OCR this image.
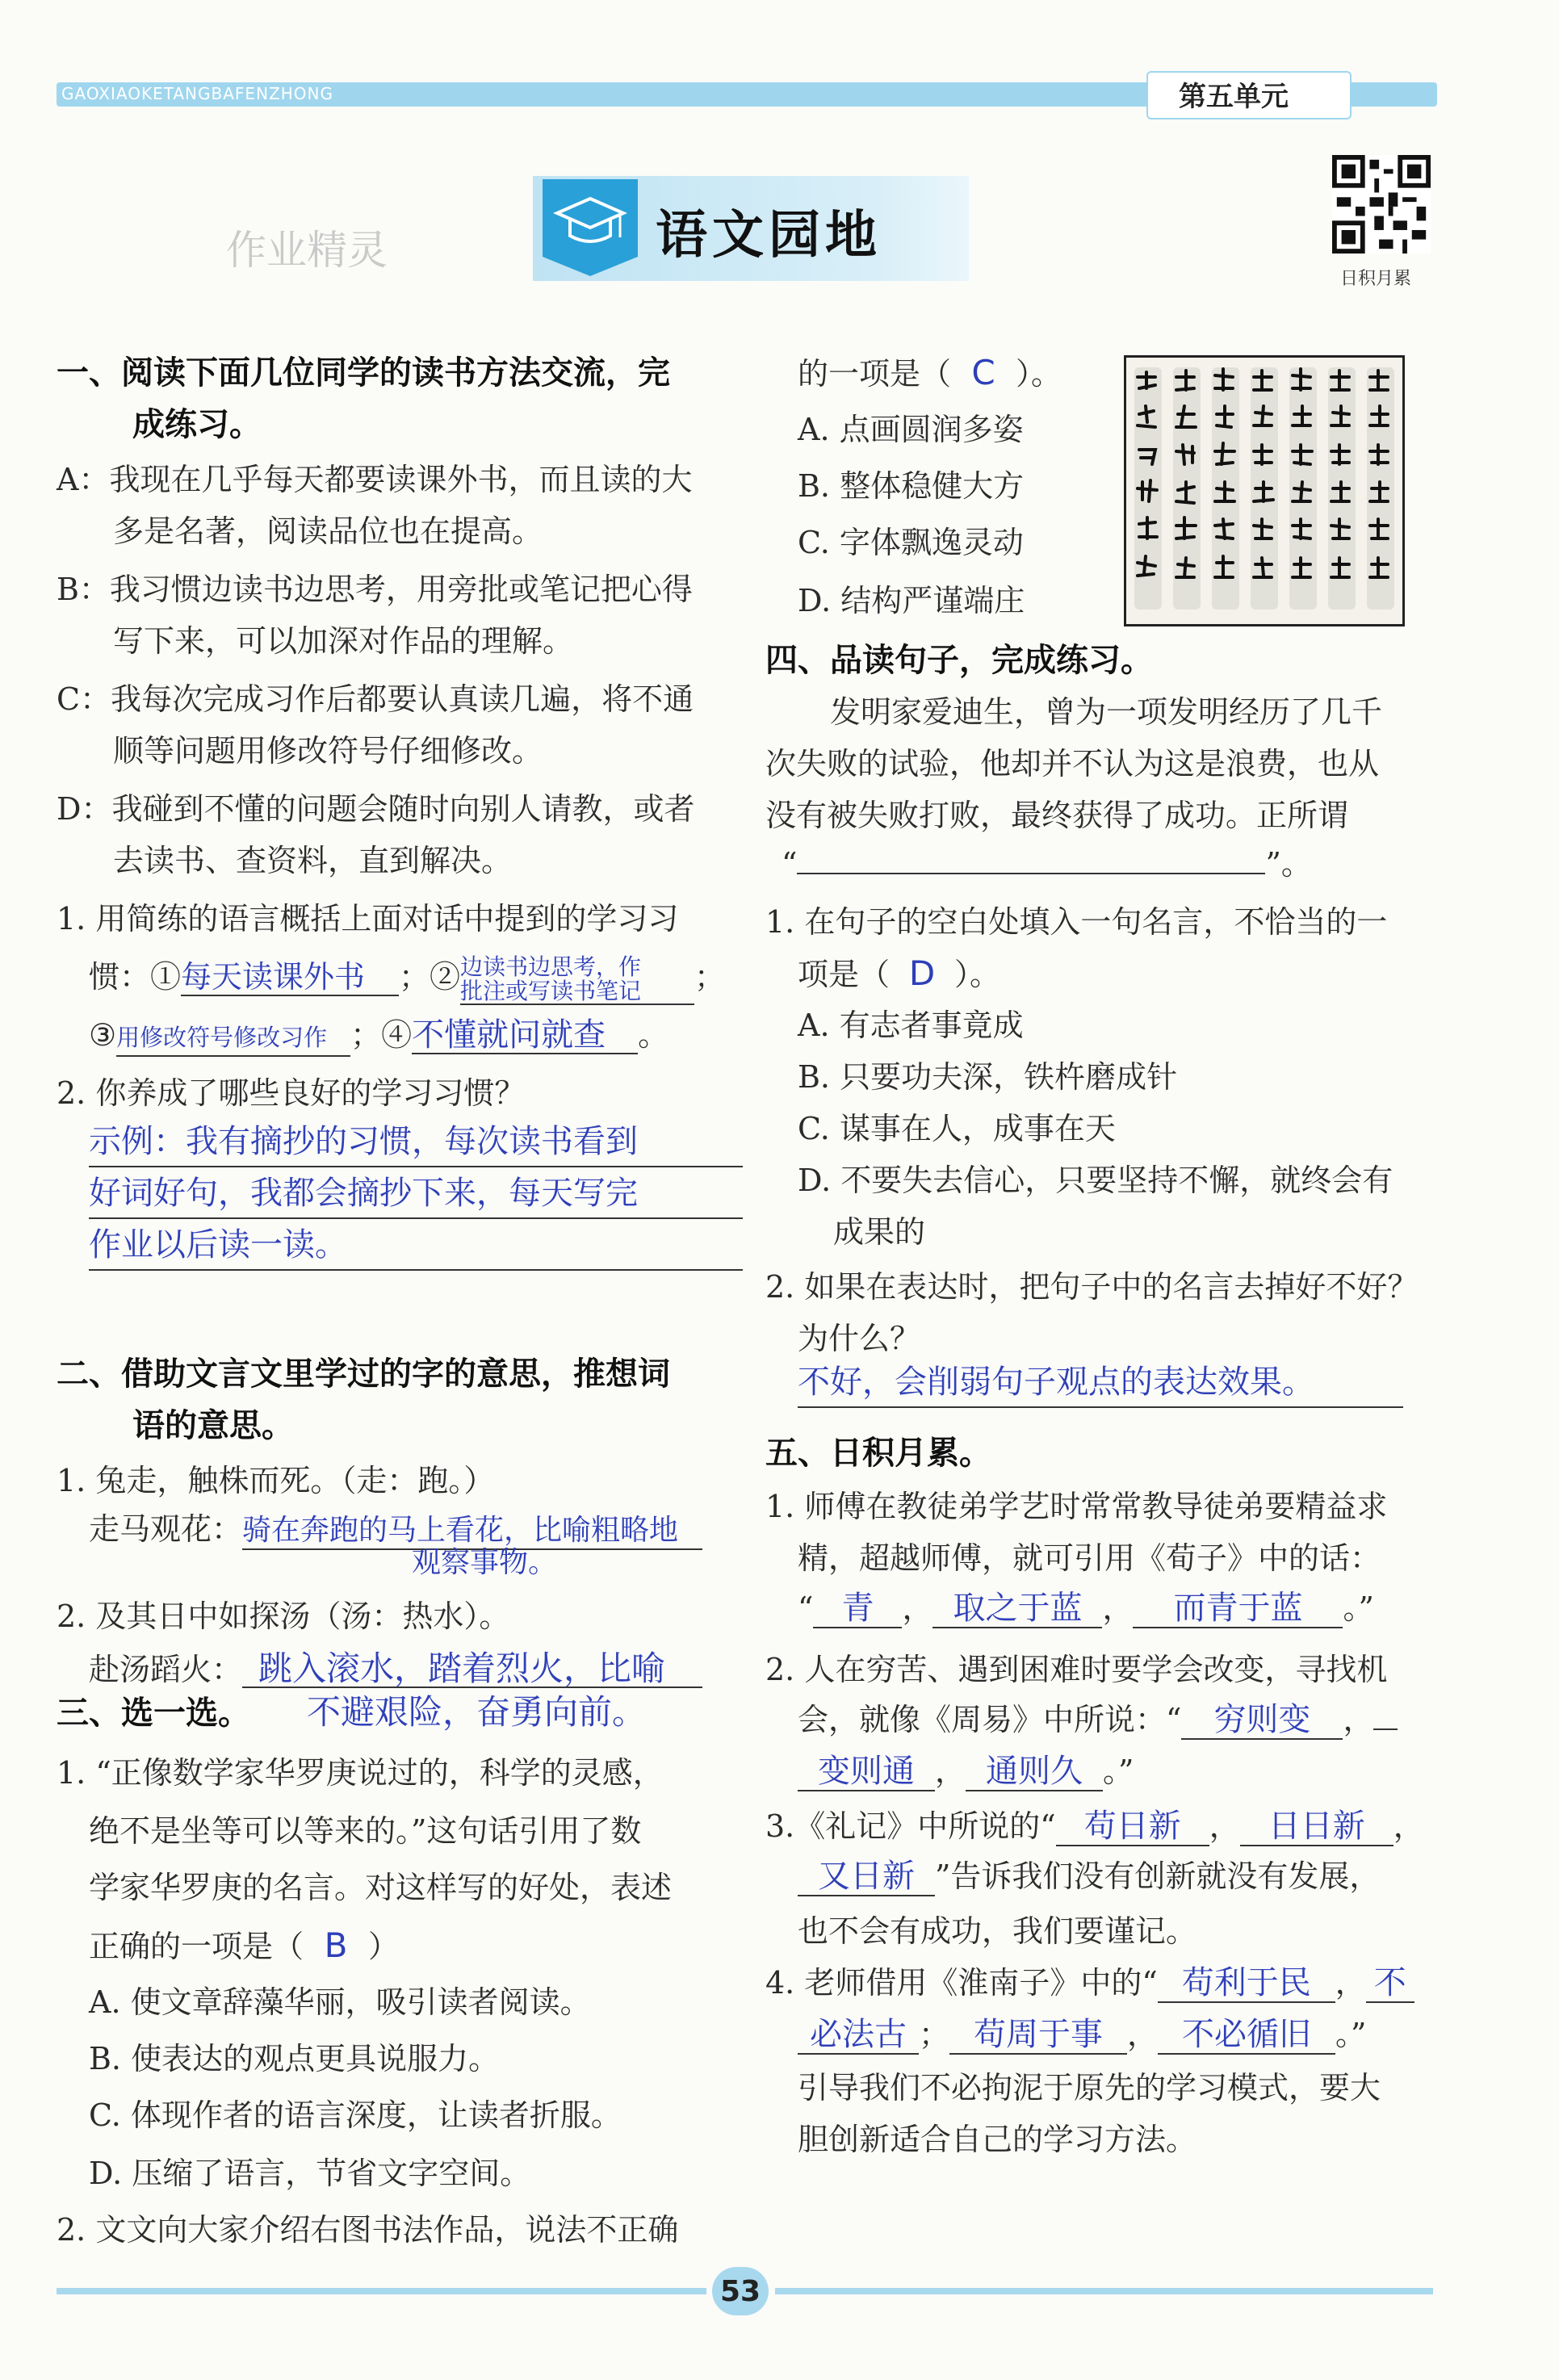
GAOXIAOKETANGBAFENZHONG	第五单元
语文园地
作业精灵
日积月累
一、阅读下面几位同学的读书方法交流，完
成练习。
A：我现在几乎每天都要读课外书，而且读的大
多是名著，阅读品位也在提高。
B：我习惯边读书边思考，用旁批或笔记把心得
写下来，可以加深对作品的理解。
C：我每次完成习作后都要认真读几遍，将不通
顺等问题用修改符号仔细修改。
D：我碰到不懂的问题会随时向别人请教，或者
去读书、查资料，直到解决。
1. 用简练的语言概括上面对话中提到的学习习
惯：①每天读课外书 ；②边读书边思考，作
批注或写读书笔记 ；
③用修改符号修改习作 ；④不懂就问就查 。
2. 你养成了哪些良好的学习习惯？
示例：我有摘抄的习惯，每次读书看到
好词好句，我都会摘抄下来，每天写完
作业以后读一读。
二、借助文言文里学过的字的意思，推想词
语的意思。
1. 兔走，触株而死。（走：跑。）
走马观花：骑在奔跑的马上看花，比喻粗略地
观察事物。
2. 及其日中如探汤（汤：热水）。
赴汤蹈火： 跳入滚水，踏着烈火，比喻
不避艰险，奋勇向前。
三、选一选。
1. “正像数学家华罗庚说过的，科学的灵感，
绝不是坐等可以等来的。”这句话引用了数
学家华罗庚的名言。对这样写的好处，表述
正确的一项是（ B ）
A. 使文章辞藻华丽，吸引读者阅读。
B. 使表达的观点更具说服力。
C. 体现作者的语言深度，让读者折服。
D. 压缩了语言，节省文字空间。
2. 文文向大家介绍右图书法作品，说法不正确
的一项是（ C ）。
A. 点画圆润多姿
B. 整体稳健大方
C. 字体飘逸灵动
D. 结构严谨端庄
四、品读句子，完成练习。
发明家爱迪生，曾为一项发明经历了几千
次失败的试验，他却并不认为这是浪费，也从
没有被失败打败，最终获得了成功。正所谓
“	”。
1. 在句子的空白处填入一句名言，不恰当的一
项是（ D ）。
A. 有志者事竟成
B. 只要功夫深，铁杵磨成针
C. 谋事在人，成事在天
D. 不要失去信心，只要坚持不懈，就终会有
成果的
2. 如果在表达时，把句子中的名言去掉好不好？
为什么？
不好，会削弱句子观点的表达效果。
五、日积月累。
1. 师傅在教徒弟学艺时常常教导徒弟要精益求
精，超越师傅，就可引用《荀子》中的话：
“ 青 ， 取之于蓝 ， 而青于蓝 。”
2. 人在穷苦、遇到困难时要学会改变，寻找机
会，就像《周易》中所说：“ 穷则变 ，
变则通 ， 通则久 。”
3.《礼记》中所说的“ 苟日新 ， 日日新 ，
又日新 ”告诉我们没有创新就没有发展，
也不会有成功，我们要谨记。
4. 老师借用《淮南子》中的“ 苟利于民 ， 不
必法古 ； 苟周于事 ， 不必循旧 。”
引导我们不必拘泥于原先的学习模式，要大
胆创新适合自己的学习方法。
53
